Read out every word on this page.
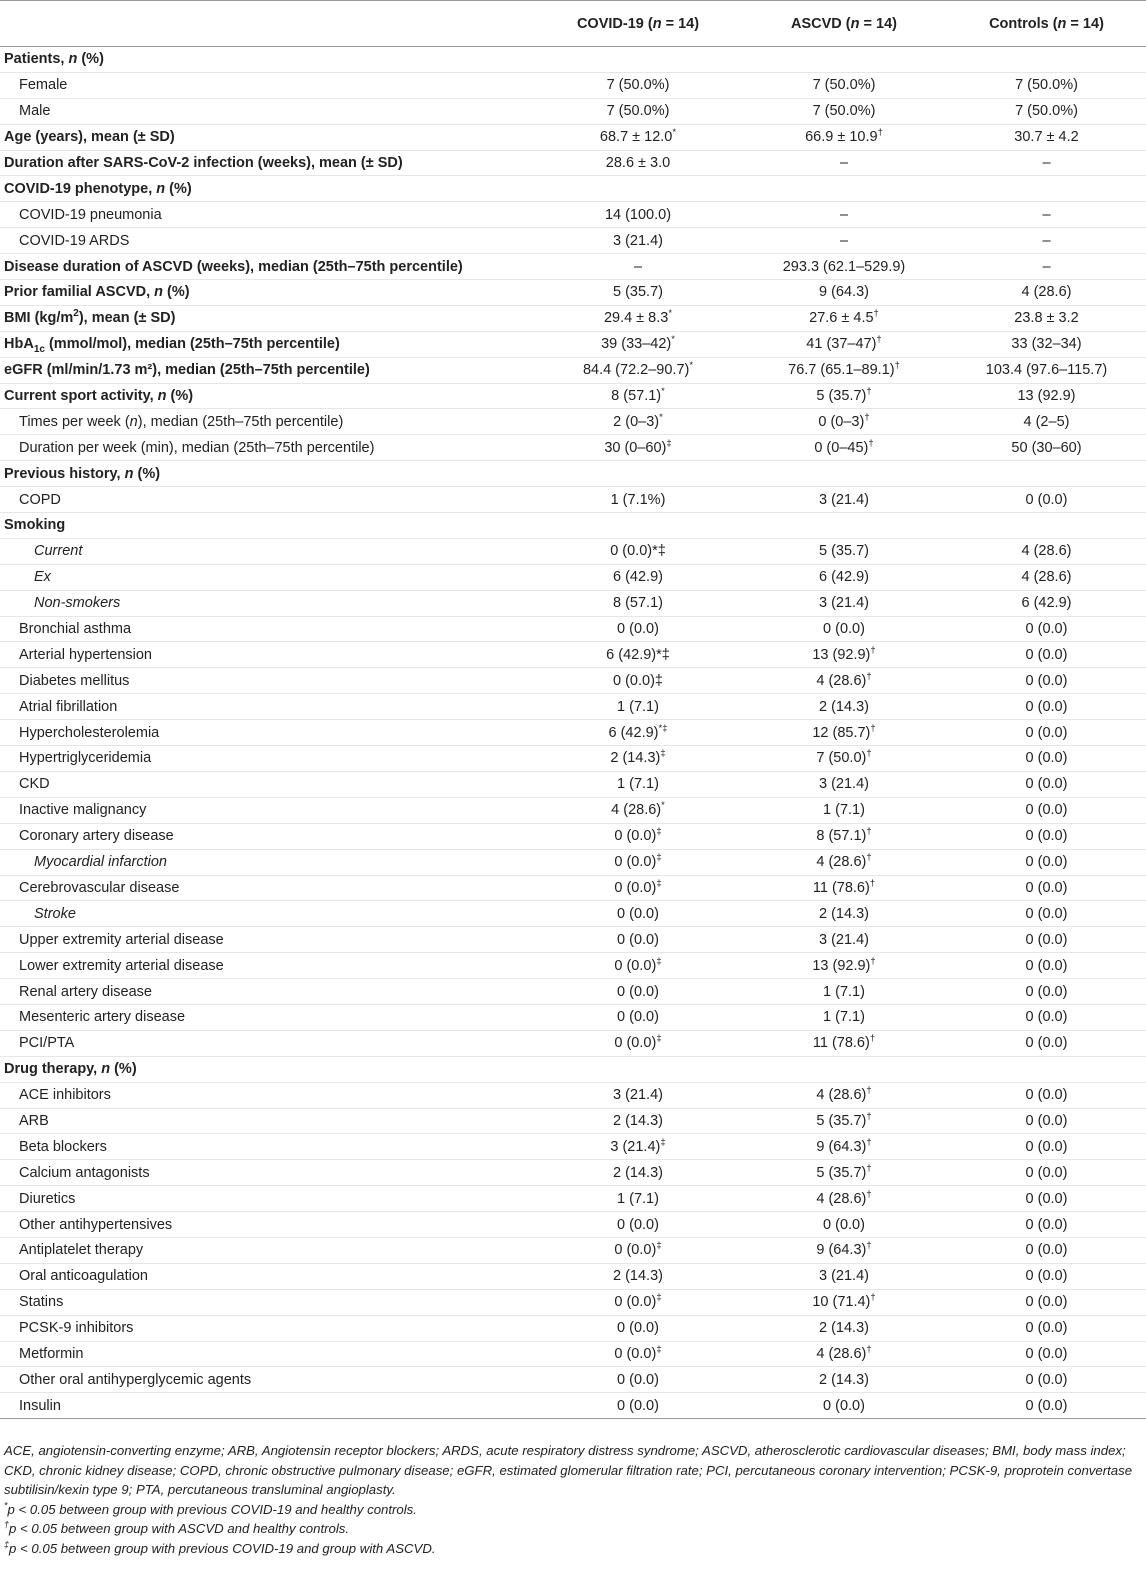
	COVID-19 (n = 14)	ASCVD (n = 14)	Controls (n = 14)
Patients, n (%)			
Female	7 (50.0%)	7 (50.0%)	7 (50.0%)
Male	7 (50.0%)	7 (50.0%)	7 (50.0%)
Age (years), mean (± SD)	68.7 ± 12.0*	66.9 ± 10.9†	30.7 ± 4.2
Duration after SARS-CoV-2 infection (weeks), mean (± SD)	28.6 ± 3.0	–	–
COVID-19 phenotype, n (%)			
COVID-19 pneumonia	14 (100.0)	–	–
COVID-19 ARDS	3 (21.4)	–	–
Disease duration of ASCVD (weeks), median (25th–75th percentile)	–	293.3 (62.1–529.9)	–
Prior familial ASCVD, n (%)	5 (35.7)	9 (64.3)	4 (28.6)
BMI $(kg/m^2)$, mean (± SD)	29.4 ± 8.3*	27.6 ± 4.5†	23.8 ± 3.2
HbA$_{1c}$ (mmol/mol), median (25th–75th percentile)	39 (33–42)*	41 (37–47)†	33 (32–34)
eGFR (ml/min/1.73 m²), median (25th–75th percentile)	84.4 (72.2–90.7)*	76.7 (65.1–89.1)†	103.4 (97.6–115.7)
Current sport activity, n (%)	8 (57.1)*	5 (35.7)†	13 (92.9)
Times per week (n), median (25th–75th percentile)	2 (0–3)*	0 (0–3)†	4 (2–5)
Duration per week (min), median (25th–75th percentile)	30 (0–60)‡	0 (0–45)†	50 (30–60)
Previous history, n (%)			
COPD	1 (7.1%)	3 (21.4)	0 (0.0)
Smoking			
Current	0 (0.0)*‡	5 (35.7)	4 (28.6)
Ex	6 (42.9)	6 (42.9)	4 (28.6)
Non-smokers	8 (57.1)	3 (21.4)	6 (42.9)
Bronchial asthma	0 (0.0)	0 (0.0)	0 (0.0)
Arterial hypertension	6 (42.9)*‡	13 (92.9)†	0 (0.0)
Diabetes mellitus	0 (0.0)‡	4 (28.6)†	0 (0.0)
Atrial fibrillation	1 (7.1)	2 (14.3)	0 (0.0)
Hypercholesterolemia	6 (42.9)*‡	12 (85.7)†	0 (0.0)
Hypertriglyceridemia	2 (14.3)‡	7 (50.0)†	0 (0.0)
CKD	1 (7.1)	3 (21.4)	0 (0.0)
Inactive malignancy	4 (28.6)*	1 (7.1)	0 (0.0)
Coronary artery disease	0 (0.0)‡	8 (57.1)†	0 (0.0)
Myocardial infarction	0 (0.0)‡	4 (28.6)†	0 (0.0)
Cerebrovascular disease	0 (0.0)‡	11 (78.6)†	0 (0.0)
Stroke	0 (0.0)	2 (14.3)	0 (0.0)
Upper extremity arterial disease	0 (0.0)	3 (21.4)	0 (0.0)
Lower extremity arterial disease	0 (0.0)‡	13 (92.9)†	0 (0.0)
Renal artery disease	0 (0.0)	1 (7.1)	0 (0.0)
Mesenteric artery disease	0 (0.0)	1 (7.1)	0 (0.0)
PCI/PTA	0 (0.0)‡	11 (78.6)†	0 (0.0)
Drug therapy, n (%)			
ACE inhibitors	3 (21.4)	4 (28.6)†	0 (0.0)
ARB	2 (14.3)	5 (35.7)†	0 (0.0)
Beta blockers	3 (21.4)‡	9 (64.3)†	0 (0.0)
Calcium antagonists	2 (14.3)	5 (35.7)†	0 (0.0)
Diuretics	1 (7.1)	4 (28.6)†	0 (0.0)
Other antihypertensives	0 (0.0)	0 (0.0)	0 (0.0)
Antiplatelet therapy	0 (0.0)‡	9 (64.3)†	0 (0.0)
Oral anticoagulation	2 (14.3)	3 (21.4)	0 (0.0)
Statins	0 (0.0)‡	10 (71.4)†	0 (0.0)
PCSK-9 inhibitors	0 (0.0)	2 (14.3)	0 (0.0)
Metformin	0 (0.0)‡	4 (28.6)†	0 (0.0)
Other oral antihyperglycemic agents	0 (0.0)	2 (14.3)	0 (0.0)
Insulin	0 (0.0)	0 (0.0)	0 (0.0)

ACE, angiotensin-converting enzyme; ARB, Angiotensin receptor blockers; ARDS, acute respiratory distress syndrome; ASCVD, atherosclerotic cardiovascular diseases; BMI, body mass index; CKD, chronic kidney disease; COPD, chronic obstructive pulmonary disease; eGFR, estimated glomerular filtration rate; PCI, percutaneous coronary intervention; PCSK-9, proprotein convertase subtilisin/kexin type 9; PTA, percutaneous transluminal angioplasty.

*p < 0.05 between group with previous COVID-19 and healthy controls.

†p < 0.05 between group with ASCVD and healthy controls.

‡p < 0.05 between group with previous COVID-19 and group with ASCVD.
